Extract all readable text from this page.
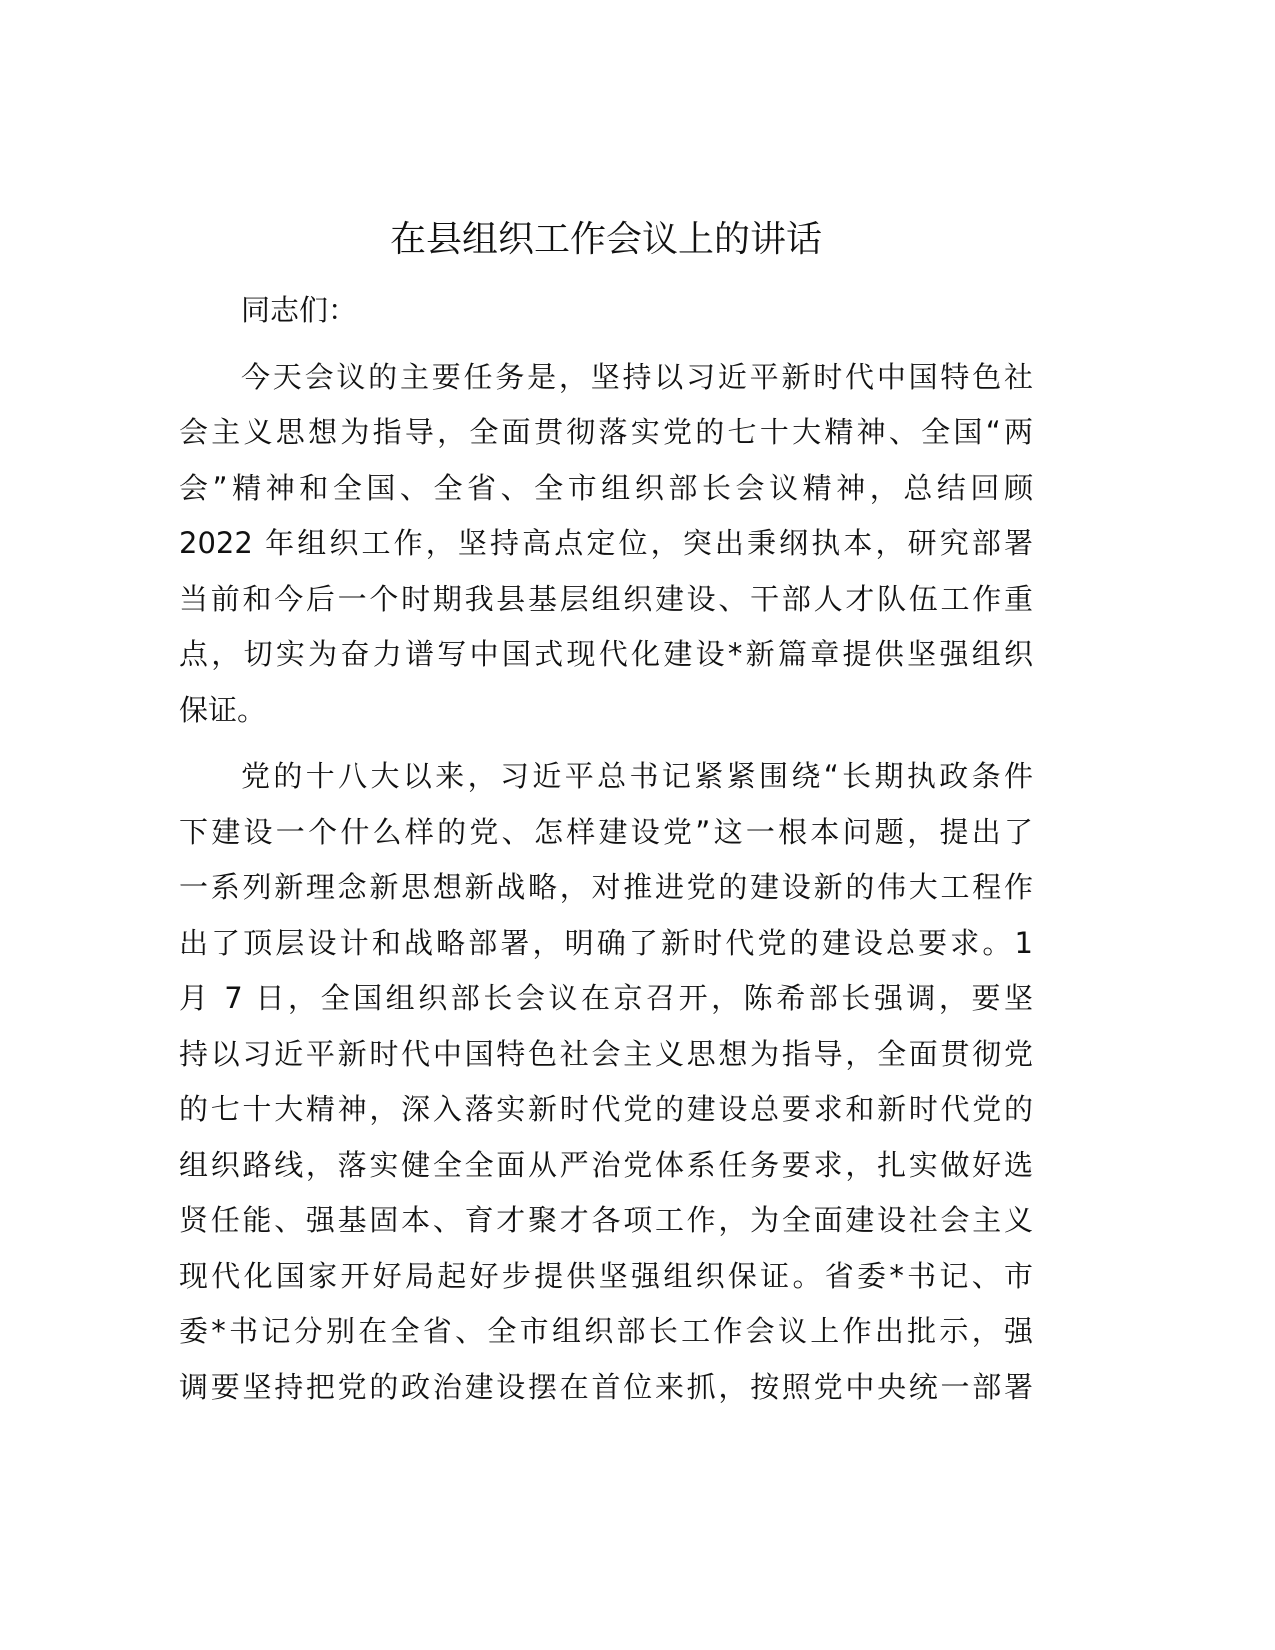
在县组织工作会议上的讲话
同志们：
今天会议的主要任务是，坚持以习近平新时代中国特色社
会主义思想为指导，全面贯彻落实党的七十大精神、全国“两
会”精神和全国、全省、全市组织部长会议精神，总结回顾
2022 年组织工作，坚持高点定位，突出秉纲执本，研究部署
当前和今后一个时期我县基层组织建设、干部人才队伍工作重
点，切实为奋力谱写中国式现代化建设*新篇章提供坚强组织
保证。
党的十八大以来，习近平总书记紧紧围绕“长期执政条件
下建设一个什么样的党、怎样建设党”这一根本问题，提出了
一系列新理念新思想新战略，对推进党的建设新的伟大工程作
出了顶层设计和战略部署，明确了新时代党的建设总要求。1
月 7 日，全国组织部长会议在京召开，陈希部长强调，要坚
持以习近平新时代中国特色社会主义思想为指导，全面贯彻党
的七十大精神，深入落实新时代党的建设总要求和新时代党的
组织路线，落实健全全面从严治党体系任务要求，扎实做好选
贤任能、强基固本、育才聚才各项工作，为全面建设社会主义
现代化国家开好局起好步提供坚强组织保证。省委*书记、市
委*书记分别在全省、全市组织部长工作会议上作出批示，强
调要坚持把党的政治建设摆在首位来抓，按照党中央统一部署
